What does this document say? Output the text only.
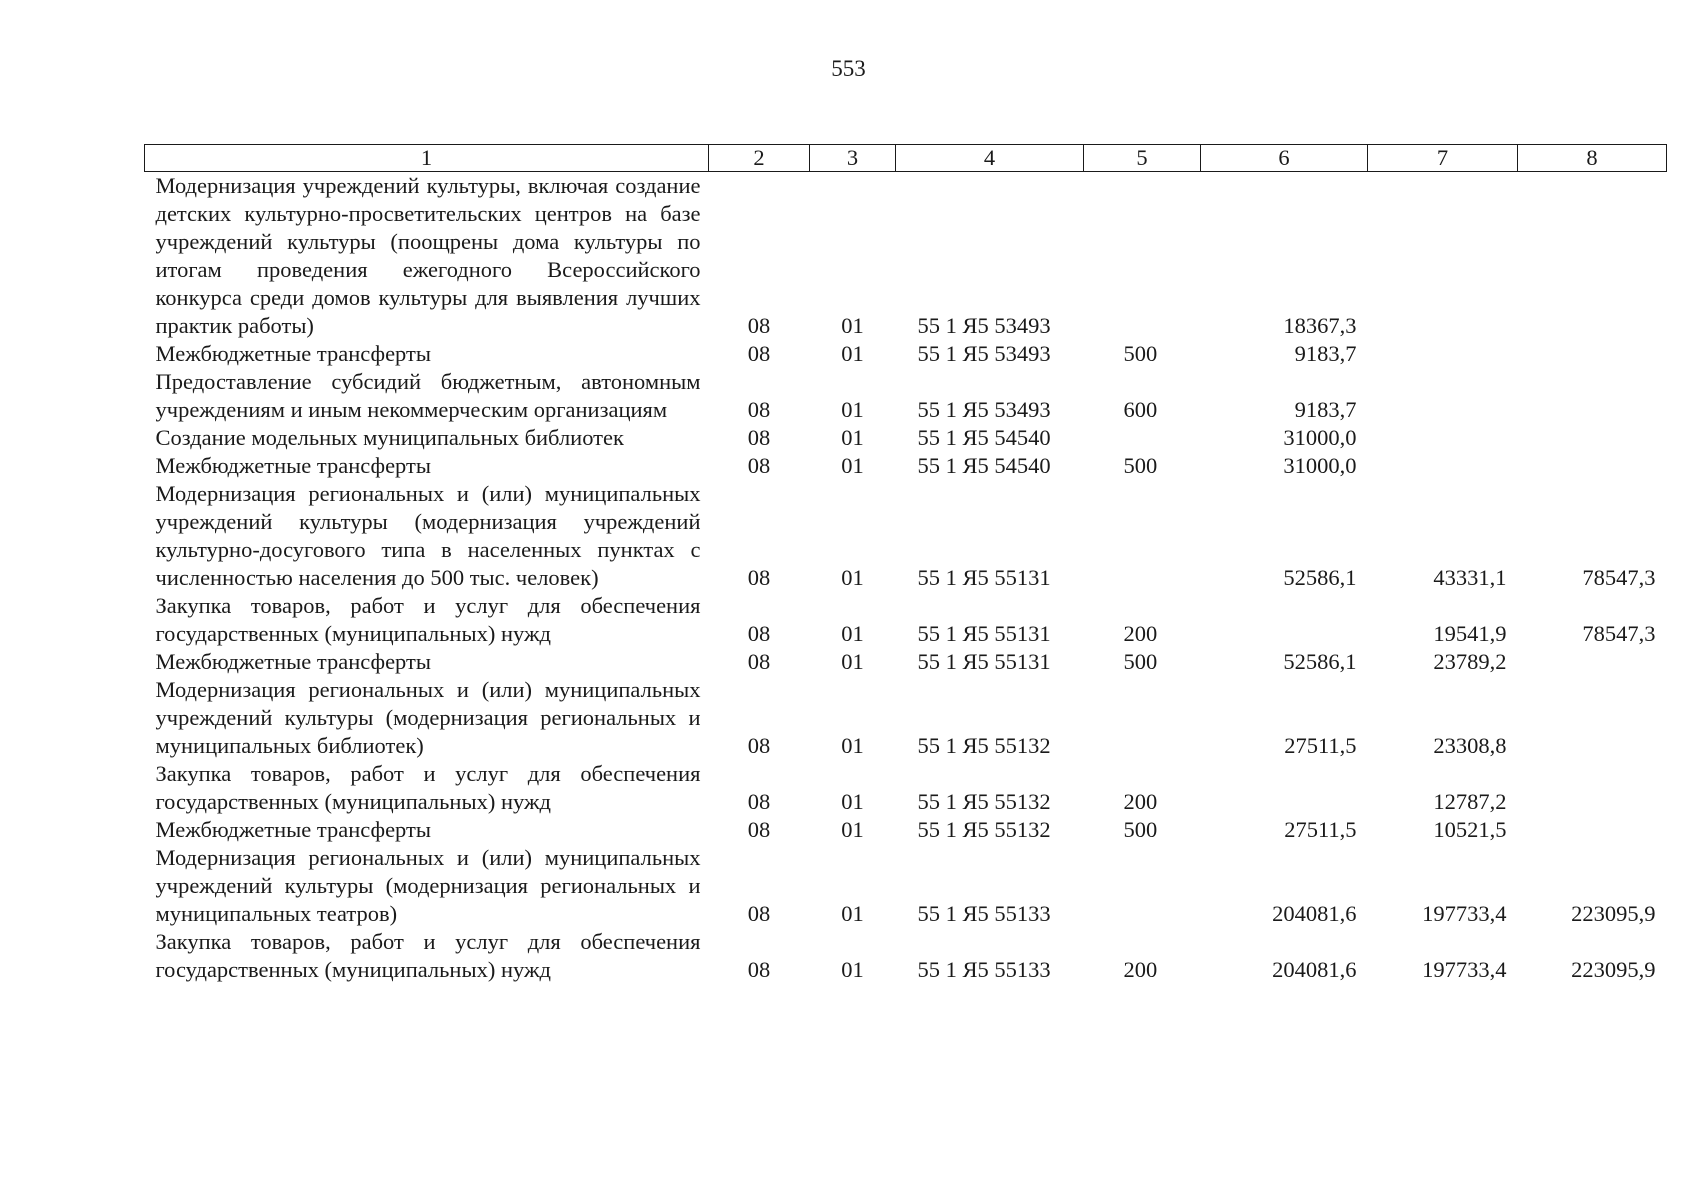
553
1	2	3	4	5	6	7	8
Модернизация учреждений культуры, включая создание детских культурно-просветительских центров на базе учреждений культуры (поощрены дома культуры по итогам проведения ежегодного Всероссийского конкурса среди домов культуры для выявления лучших практик работы)	08	01	55 1 Я5 53493		18367,3		
Межбюджетные трансферты	08	01	55 1 Я5 53493	500	9183,7		
Предоставление субсидий бюджетным, автономным учреждениям и иным некоммерческим организациям	08	01	55 1 Я5 53493	600	9183,7		
Создание модельных муниципальных библиотек	08	01	55 1 Я5 54540		31000,0		
Межбюджетные трансферты	08	01	55 1 Я5 54540	500	31000,0		
Модернизация региональных и (или) муниципальных учреждений культуры (модернизация учреждений культурно-досугового типа в населенных пунктах с численностью населения до 500 тыс. человек)	08	01	55 1 Я5 55131		52586,1	43331,1	78547,3
Закупка товаров, работ и услуг для обеспечения государственных (муниципальных) нужд	08	01	55 1 Я5 55131	200		19541,9	78547,3
Межбюджетные трансферты	08	01	55 1 Я5 55131	500	52586,1	23789,2	
Модернизация региональных и (или) муниципальных учреждений культуры (модернизация региональных и муниципальных библиотек)	08	01	55 1 Я5 55132		27511,5	23308,8	
Закупка товаров, работ и услуг для обеспечения государственных (муниципальных) нужд	08	01	55 1 Я5 55132	200		12787,2	
Межбюджетные трансферты	08	01	55 1 Я5 55132	500	27511,5	10521,5	
Модернизация региональных и (или) муниципальных учреждений культуры (модернизация региональных и муниципальных театров)	08	01	55 1 Я5 55133		204081,6	197733,4	223095,9
Закупка товаров, работ и услуг для обеспечения государственных (муниципальных) нужд	08	01	55 1 Я5 55133	200	204081,6	197733,4	223095,9
